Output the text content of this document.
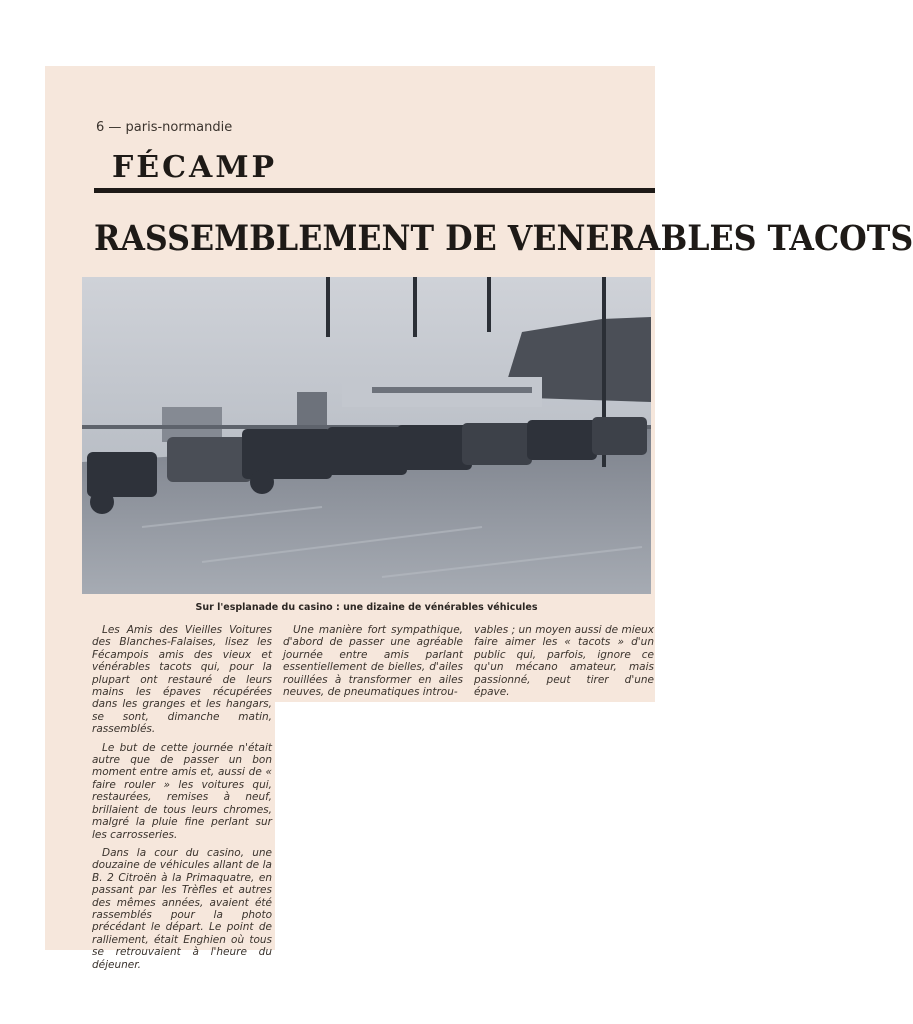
6 — paris-normandie
FÉCAMP
RASSEMBLEMENT DE VENERABLES TACOTS
Sur l'esplanade du casino : une dizaine de vénérables véhicules

Les Amis des Vieilles Voitures des Blanches-Falaises, lisez les Fécampois amis des vieux et vénérables tacots qui, pour la plupart ont restauré de leurs mains les épaves récupérées dans les granges et les hangars, se sont, dimanche matin, rassemblés.

Le but de cette journée n'était autre que de passer un bon moment entre amis et, aussi de « faire rouler » les voitures qui, restaurées, remises à neuf, brillaient de tous leurs chromes, malgré la pluie fine perlant sur les carrosseries.

Dans la cour du casino, une douzaine de véhicules allant de la B. 2 Citroën à la Primaquatre, en passant par les Trèfles et autres des mêmes années, avaient été rassemblés pour la photo précédant le départ. Le point de ralliement, était Enghien où tous se retrouvaient à l'heure du déjeuner.

Une manière fort sympathique, d'abord de passer une agréable journée entre amis parlant essentiellement de bielles, d'ailes rouillées à transformer en ailes neuves, de pneumatiques introu-

vables ; un moyen aussi de mieux faire aimer les « tacots » d'un public qui, parfois, ignore ce qu'un mécano amateur, mais passionné, peut tirer d'une épave.
